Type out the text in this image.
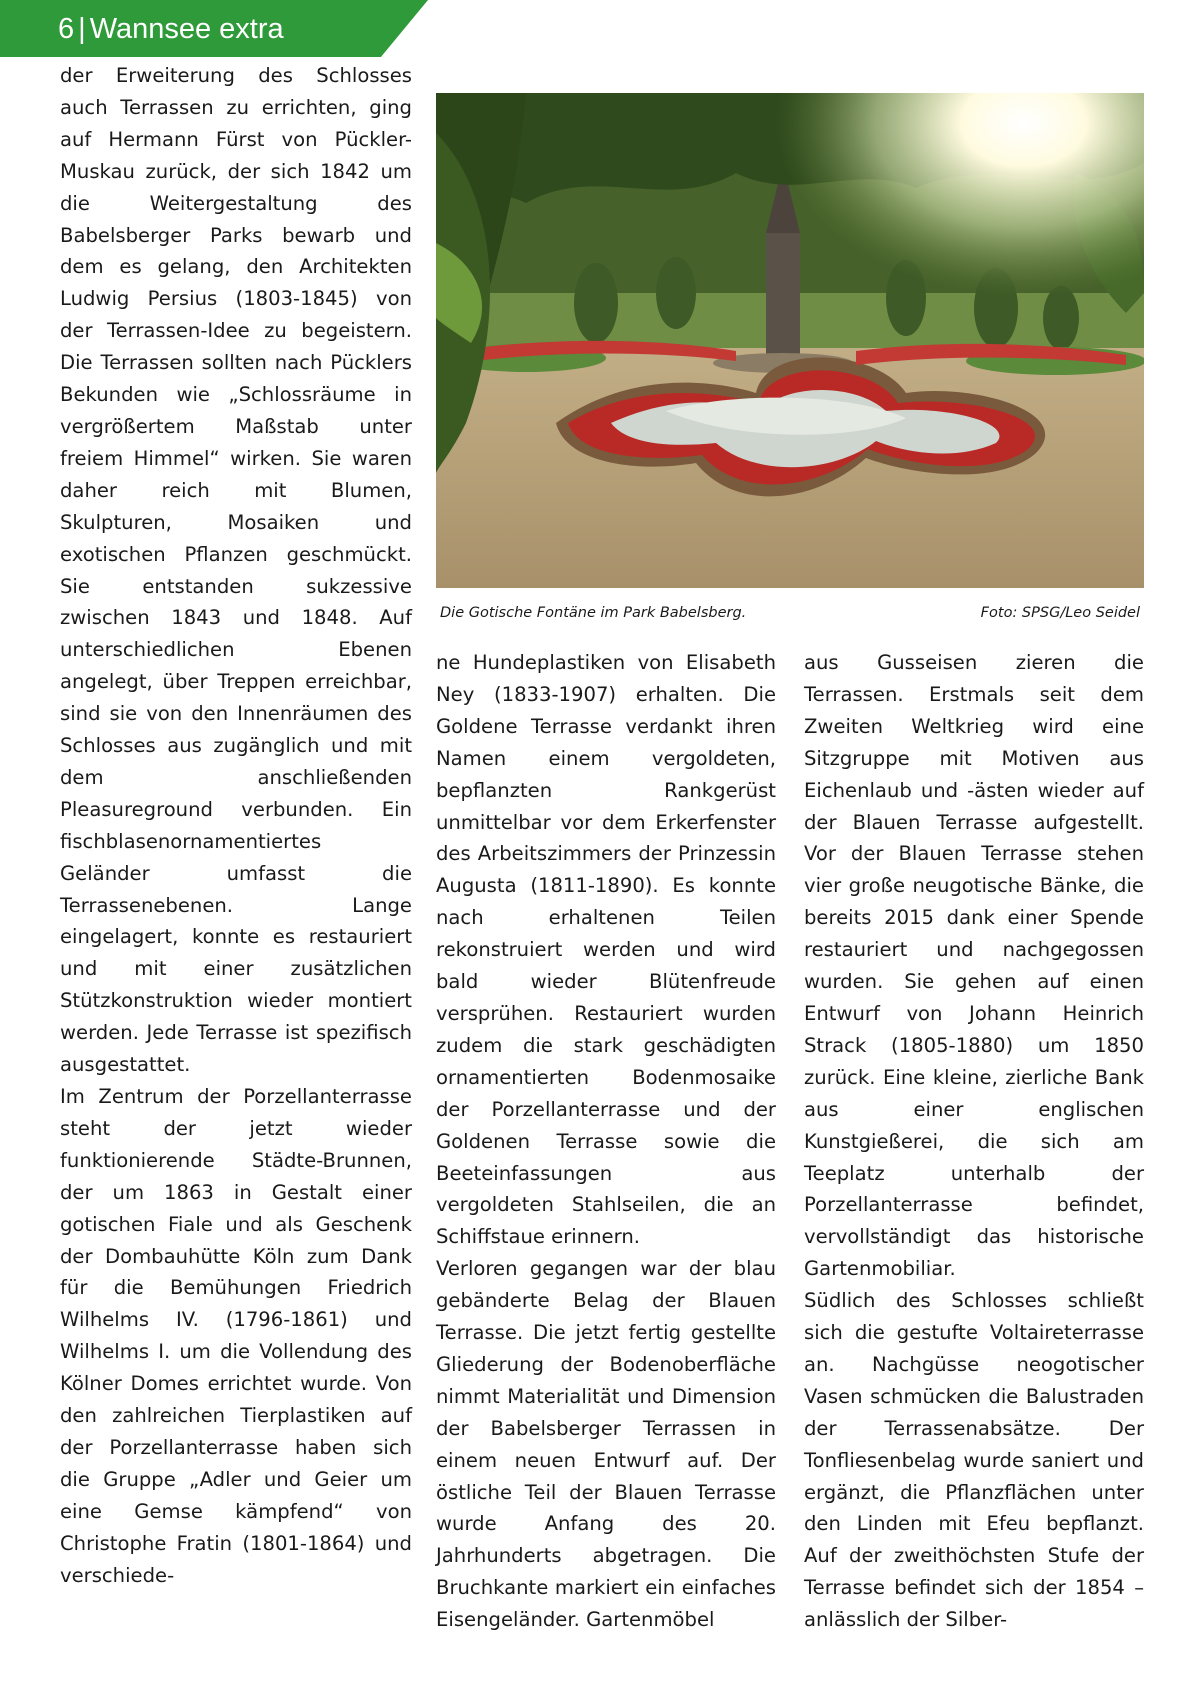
6 | Wannsee extra

der Erweiterung des Schlosses auch Terrassen zu errichten, ging auf Hermann Fürst von Pückler-Muskau zurück, der sich 1842 um die Weitergestaltung des Babelsberger Parks bewarb und dem es gelang, den Architekten Ludwig Persius (1803-1845) von der Terrassen-Idee zu begeistern. Die Terrassen sollten nach Pücklers Bekunden wie „Schlossräume in vergrößertem Maßstab unter freiem Himmel“ wirken. Sie waren daher reich mit Blumen, Skulpturen, Mosaiken und exotischen Pflanzen geschmückt. Sie entstanden sukzessive zwischen 1843 und 1848. Auf unterschiedlichen Ebenen angelegt, über Treppen erreichbar, sind sie von den Innenräumen des Schlosses aus zugänglich und mit dem anschließenden Pleasureground verbunden. Ein fischblasenornamentiertes Geländer umfasst die Terrassenebenen. Lange eingelagert, konnte es restauriert und mit einer zusätzlichen Stützkonstruktion wieder montiert werden. Jede Terrasse ist spezifisch ausgestattet.

Im Zentrum der Porzellanterrasse steht der jetzt wieder funktionierende Städte-Brunnen, der um 1863 in Gestalt einer gotischen Fiale und als Geschenk der Dombauhütte Köln zum Dank für die Bemühungen Friedrich Wilhelms IV. (1796-1861) und Wilhelms I. um die Vollendung des Kölner Domes errichtet wurde. Von den zahlreichen Tierplastiken auf der Porzellanterrasse haben sich die Gruppe „Adler und Geier um eine Gemse kämpfend“ von Christophe Fratin (1801-1864) und verschiede-

Die Gotische Fontäne im Park Babelsberg.	Foto: SPSG/Leo Seidel

ne Hundeplastiken von Elisabeth Ney (1833-1907) erhalten. Die Goldene Terrasse verdankt ihren Namen einem vergoldeten, bepflanzten Rankgerüst unmittelbar vor dem Erkerfenster des Arbeitszimmers der Prinzessin Augusta (1811-1890). Es konnte nach erhaltenen Teilen rekonstruiert werden und wird bald wieder Blütenfreude versprühen. Restauriert wurden zudem die stark geschädigten ornamentierten Bodenmosaike der Porzellanterrasse und der Goldenen Terrasse sowie die Beeteinfassungen aus vergoldeten Stahlseilen, die an Schiffstaue erinnern.

Verloren gegangen war der blau gebänderte Belag der Blauen Terrasse. Die jetzt fertig gestellte Gliederung der Bodenoberfläche nimmt Materialität und Dimension der Babelsberger Terrassen in einem neuen Entwurf auf. Der östliche Teil der Blauen Terrasse wurde Anfang des 20. Jahrhunderts abgetragen. Die Bruchkante markiert ein einfaches Eisengeländer. Gartenmöbel

aus Gusseisen zieren die Terrassen. Erstmals seit dem Zweiten Weltkrieg wird eine Sitzgruppe mit Motiven aus Eichenlaub und -ästen wieder auf der Blauen Terrasse aufgestellt. Vor der Blauen Terrasse stehen vier große neugotische Bänke, die bereits 2015 dank einer Spende restauriert und nachgegossen wurden. Sie gehen auf einen Entwurf von Johann Heinrich Strack (1805-1880) um 1850 zurück. Eine kleine, zierliche Bank aus einer englischen Kunstgießerei, die sich am Teeplatz unterhalb der Porzellanterrasse befindet, vervollständigt das historische Gartenmobiliar.

Südlich des Schlosses schließt sich die gestufte Voltaireterrasse an. Nachgüsse neogotischer Vasen schmücken die Balustraden der Terrassenabsätze. Der Tonfliesenbelag wurde saniert und ergänzt, die Pflanzflächen unter den Linden mit Efeu bepflanzt. Auf der zweithöchsten Stufe der Terrasse befindet sich der 1854 – anlässlich der Silber-
